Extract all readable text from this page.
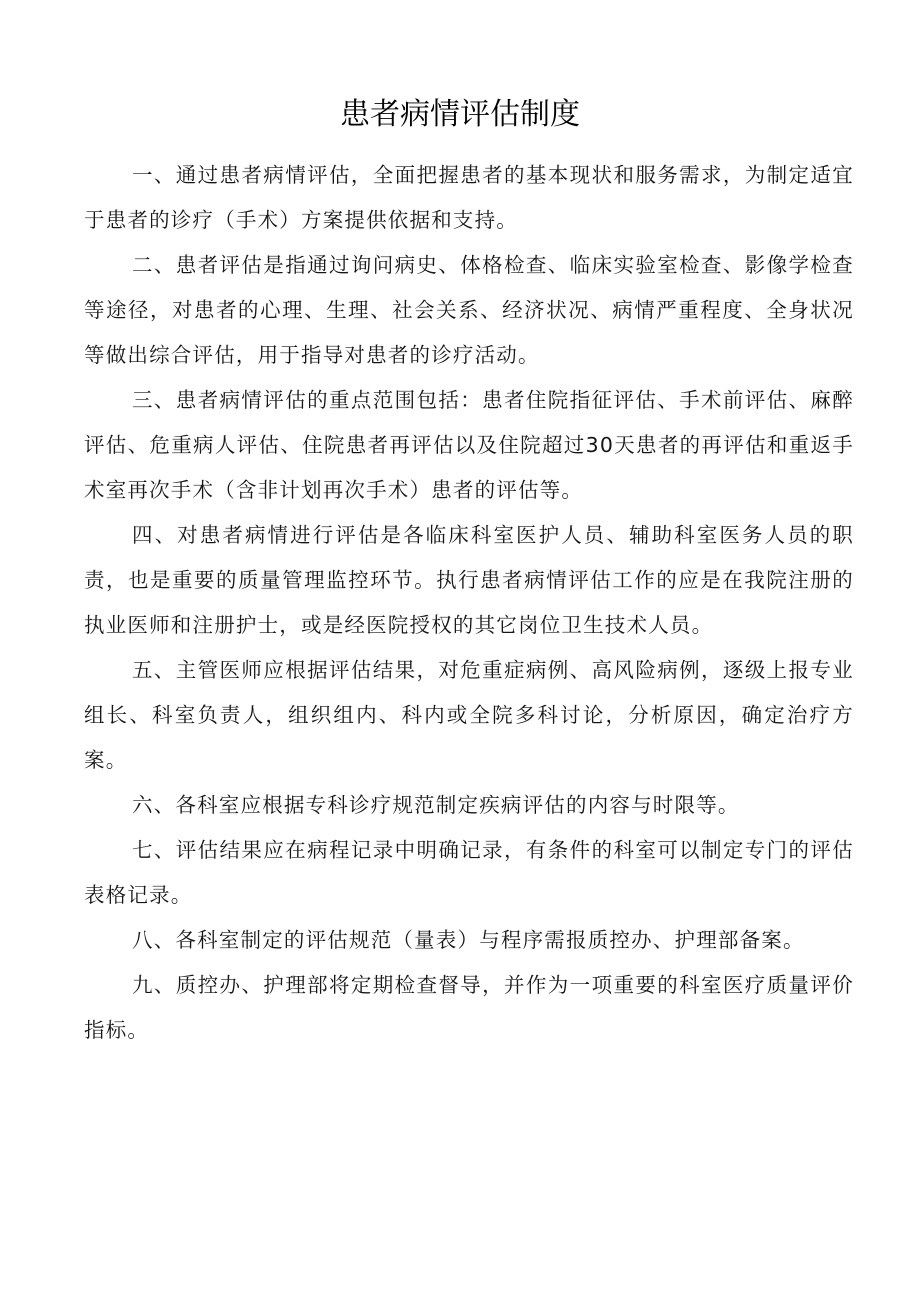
患者病情评估制度

一、通过患者病情评估，全面把握患者的基本现状和服务需求，为制定适宜于患者的诊疗（手术）方案提供依据和支持。

二、患者评估是指通过询问病史、体格检查、临床实验室检查、影像学检查等途径，对患者的心理、生理、社会关系、经济状况、病情严重程度、全身状况等做出综合评估，用于指导对患者的诊疗活动。

三、患者病情评估的重点范围包括：患者住院指征评估、手术前评估、麻醉评估、危重病人评估、住院患者再评估以及住院超过30天患者的再评估和重返手术室再次手术（含非计划再次手术）患者的评估等。

四、对患者病情进行评估是各临床科室医护人员、辅助科室医务人员的职责，也是重要的质量管理监控环节。执行患者病情评估工作的应是在我院注册的执业医师和注册护士，或是经医院授权的其它岗位卫生技术人员。

五、主管医师应根据评估结果，对危重症病例、高风险病例，逐级上报专业组长、科室负责人，组织组内、科内或全院多科讨论，分析原因，确定治疗方案。

六、各科室应根据专科诊疗规范制定疾病评估的内容与时限等。

七、评估结果应在病程记录中明确记录，有条件的科室可以制定专门的评估表格记录。

八、各科室制定的评估规范（量表）与程序需报质控办、护理部备案。

九、质控办、护理部将定期检查督导，并作为一项重要的科室医疗质量评价指标。
